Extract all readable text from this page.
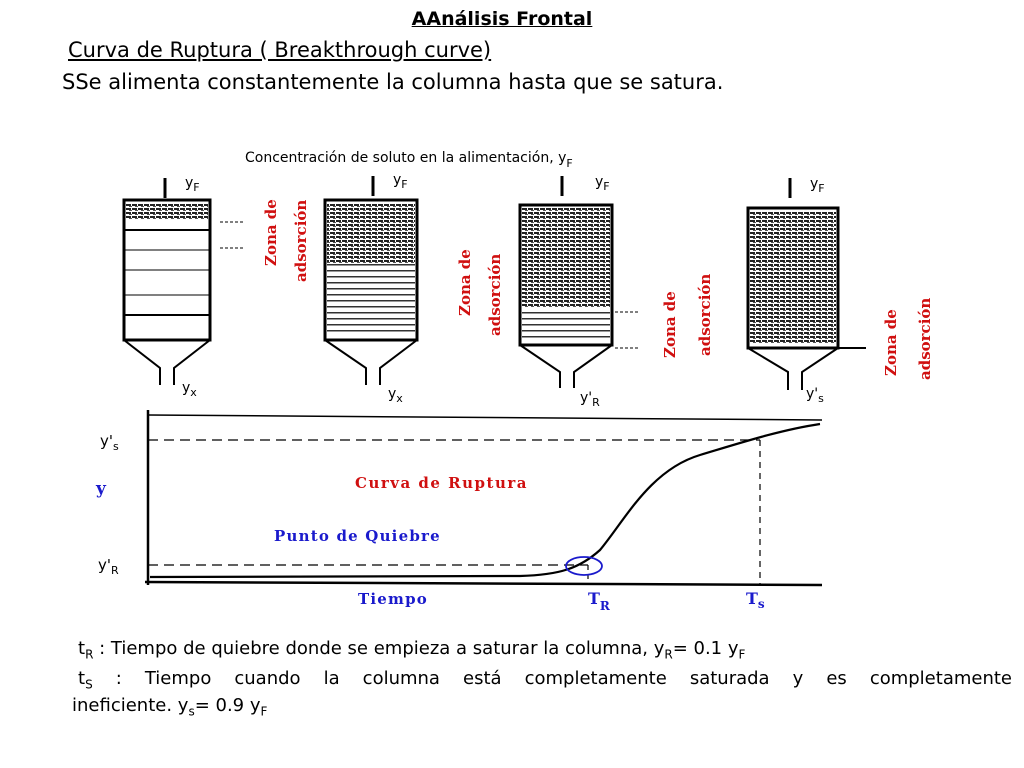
AAnálisis Frontal
Curva de Ruptura ( Breakthrough curve)
SSe alimenta constantemente la columna hasta que se satura.
Concentración de soluto en la alimentación, $y_F$
$y_F$
$y_x$
Zona de adsorción
$y_F$
$y_x$
Zona de adsorción
$y_F$
$y'_R$
Zona de adsorción
$y_F$
$y'_s$
Zona de adsorción
$y'_s$
y
$y'_R$
Curva de Ruptura
Punto de Quiebre
Tiempo	$T_R$	$T_s$
$t_R$ : Tiempo de quiebre donde se empieza a saturar la columna, $y_R= 0.1$ $y_F$
$t_S$ : Tiempo cuando la columna está completamente saturada y es completamente
ineficiente. $y_s= 0.9$ $y_F$
